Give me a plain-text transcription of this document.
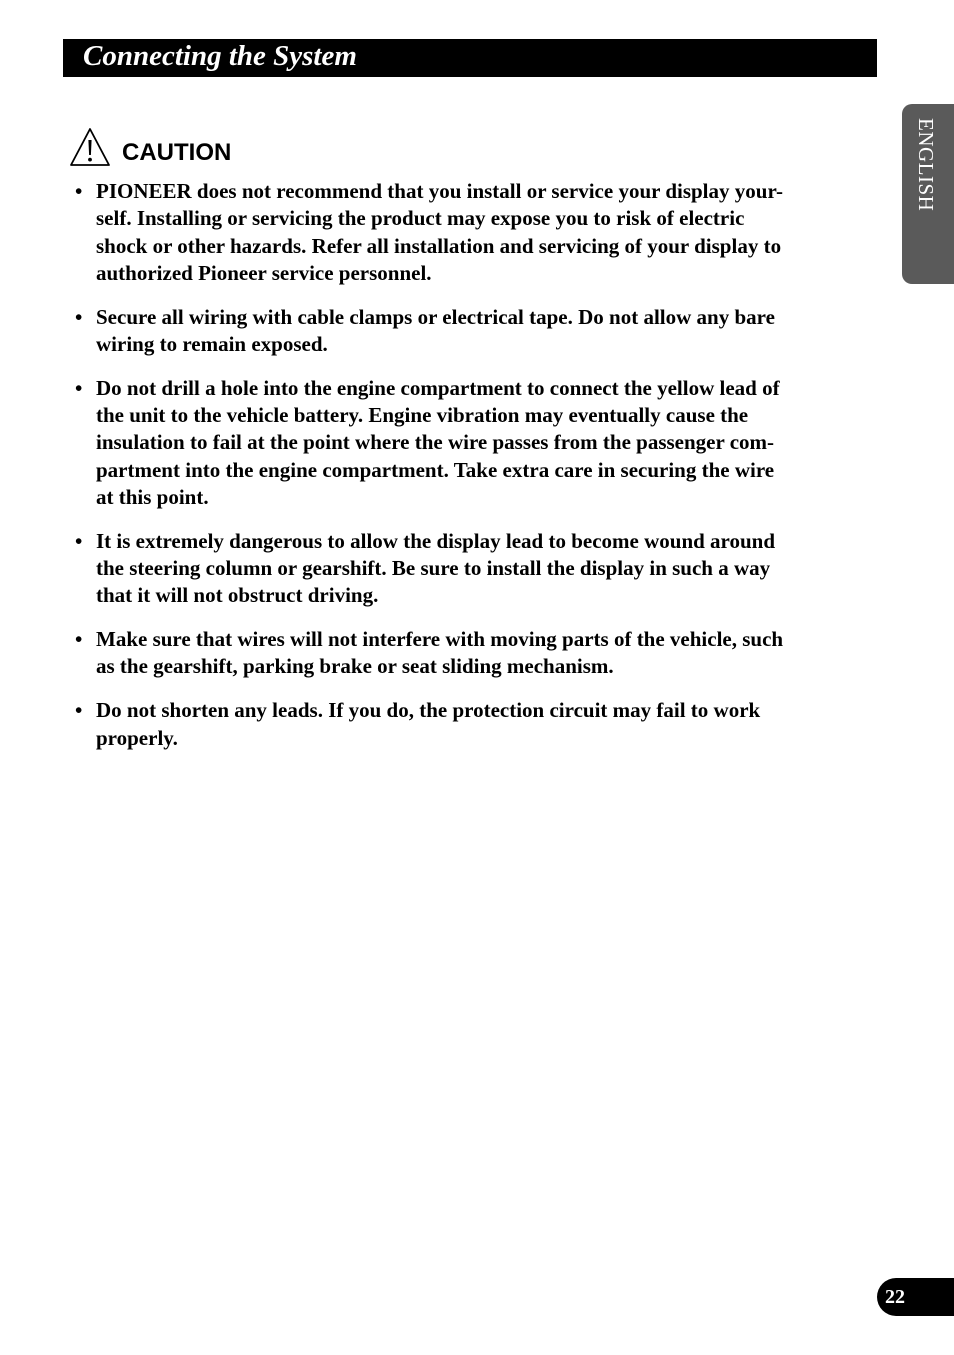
Connecting the System
ENGLISH
CAUTION
• PIONEER does not recommend that you install or service your display your-
self. Installing or servicing the product may expose you to risk of electric
shock or other hazards. Refer all installation and servicing of your display to
authorized Pioneer service personnel.
• Secure all wiring with cable clamps or electrical tape. Do not allow any bare
wiring to remain exposed.
• Do not drill a hole into the engine compartment to connect the yellow lead of
the unit to the vehicle battery. Engine vibration may eventually cause the
insulation to fail at the point where the wire passes from the passenger com-
partment into the engine compartment. Take extra care in securing the wire
at this point.
• It is extremely dangerous to allow the display lead to become wound around
the steering column or gearshift. Be sure to install the display in such a way
that it will not obstruct driving.
• Make sure that wires will not interfere with moving parts of the vehicle, such
as the gearshift, parking brake or seat sliding mechanism.
• Do not shorten any leads. If you do, the protection circuit may fail to work
properly.
22
